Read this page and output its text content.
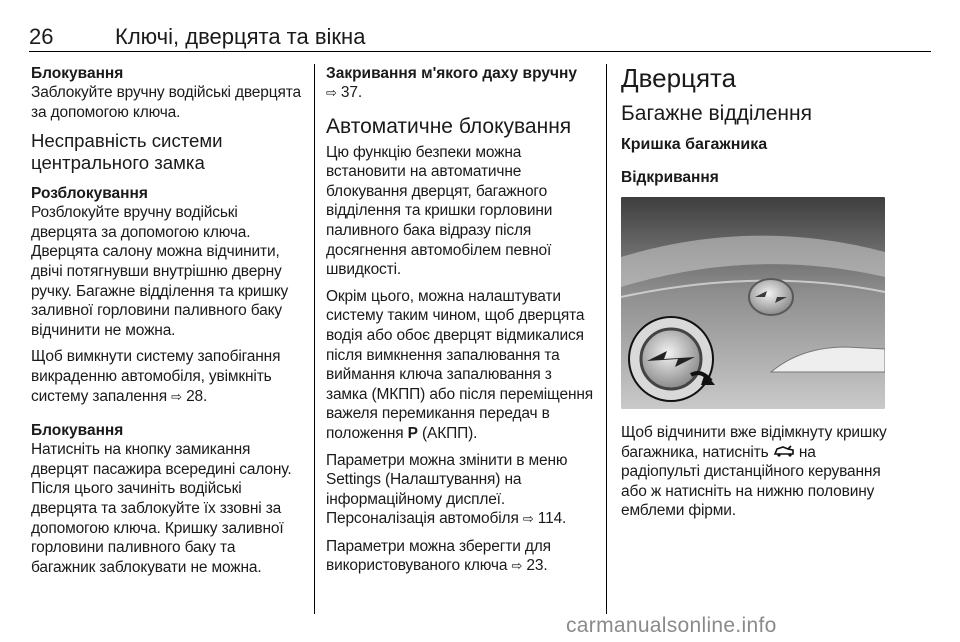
26	Ключі, дверцята та вікна
Блокування

Заблокуйте вручну водійські дверцята за допомогою ключа.

Несправність системи центрального замка
Розблокування

Розблокуйте вручну водійські дверцята за допомогою ключа. Дверцята салону можна відчинити, двічі потягнувши внутрішню дверну ручку. Багажне відділення та кришку заливної горловини паливного баку відчинити не можна.

Щоб вимкнути систему запобігання викраденню автомобіля, увімкніть систему запалення ⇨ 28.

Блокування

Натисніть на кнопку замикання дверцят пасажира всередині салону. Після цього зачиніть водійські дверцята та заблокуйте їх ззовні за допомогою ключа. Кришку заливної горловини паливного баку та багажник заблокувати не можна.

Закривання м'якого даху вручну

⇨ 37.

Автоматичне блокування

Цю функцію безпеки можна встановити на автоматичне блокування дверцят, багажного відділення та кришки горловини паливного бака відразу після досягнення автомобілем певної швидкості.

Окрім цього, можна налаштувати систему таким чином, щоб дверцята водія або обоє дверцят відмикалися після вимкнення запалювання та виймання ключа запалювання з замка (МКПП) або після переміщення важеля перемикання передач в положення P (АКПП).

Параметри можна змінити в меню Settings (Налаштування) на інформаційному дисплеї. Персоналізація автомобіля ⇨ 114.

Параметри можна зберегти для використовуваного ключа ⇨ 23.

Дверцята
Багажне відділення
Кришка багажника
Відкривання

Щоб відчинити вже відімкнуту кришку багажника, натисніть на радіопульті дистанційного керування або ж натисніть на нижню половину емблеми фірми.

carmanualsonline.info
